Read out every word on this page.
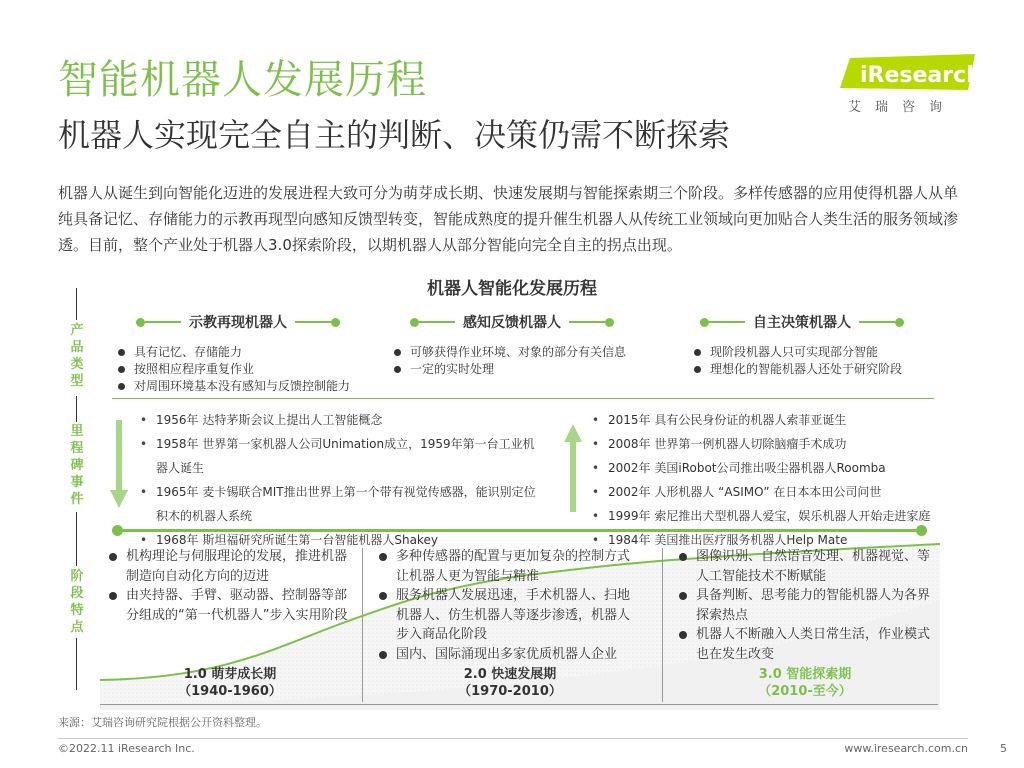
智能机器人发展历程
机器人实现完全自主的判断、决策仍需不断探索
iResearch
艾瑞咨询
机器人从诞生到向智能化迈进的发展进程大致可分为萌芽成长期、快速发展期与智能探索期三个阶段。多样传感器的应用使得机器人从单纯具备记忆、存储能力的示教再现型向感知反馈型转变，智能成熟度的提升催生机器人从传统工业领域向更加贴合人类生活的服务领域渗透。目前，整个产业处于机器人3.0探索阶段，以期机器人从部分智能向完全自主的拐点出现。
机器人智能化发展历程
产品类型
里程碑事件
阶段特点
示教再现机器人	感知反馈机器人	自主决策机器人
具有记忆、存储能力
按照相应程序重复作业
对周围环境基本没有感知与反馈控制能力
可够获得作业环境、对象的部分有关信息
一定的实时处理
现阶段机器人只可实现部分智能
理想化的智能机器人还处于研究阶段
• 1956年 达特茅斯会议上提出人工智能概念
• 1958年 世界第一家机器人公司Unimation成立，1959年第一台工业机器人诞生
• 1965年 麦卡锡联合MIT推出世界上第一个带有视觉传感器，能识别定位积木的机器人系统
• 1968年 斯坦福研究所诞生第一台智能机器人Shakey
• 2015年 具有公民身份证的机器人索菲亚诞生
• 2008年 世界第一例机器人切除脑瘤手术成功
• 2002年 美国iRobot公司推出吸尘器机器人Roomba
• 2002年 人形机器人 “ASIMO” 在日本本田公司问世
• 1999年 索尼推出犬型机器人爱宝，娱乐机器人开始走进家庭
• 1984年 美国推出医疗服务机器人Help Mate
机构理论与伺服理论的发展，推进机器制造向自动化方向的迈进
由夹持器、手臂、驱动器、控制器等部分组成的“第一代机器人”步入实用阶段
多种传感器的配置与更加复杂的控制方式让机器人更为智能与精准
服务机器人发展迅速，手术机器人、扫地机器人、仿生机器人等逐步渗透，机器人步入商品化阶段
国内、国际涌现出多家优质机器人企业
图像识别、自然语音处理、机器视觉、等人工智能技术不断赋能
具备判断、思考能力的智能机器人为各界探索热点
机器人不断融入人类日常生活，作业模式也在发生改变
1.0 萌芽成长期
（1940-1960）
2.0 快速发展期
（1970-2010）
3.0 智能探索期
（2010-至今）
来源：艾瑞咨询研究院根据公开资料整理。
©2022.11 iResearch Inc.	www.iresearch.com.cn	5
